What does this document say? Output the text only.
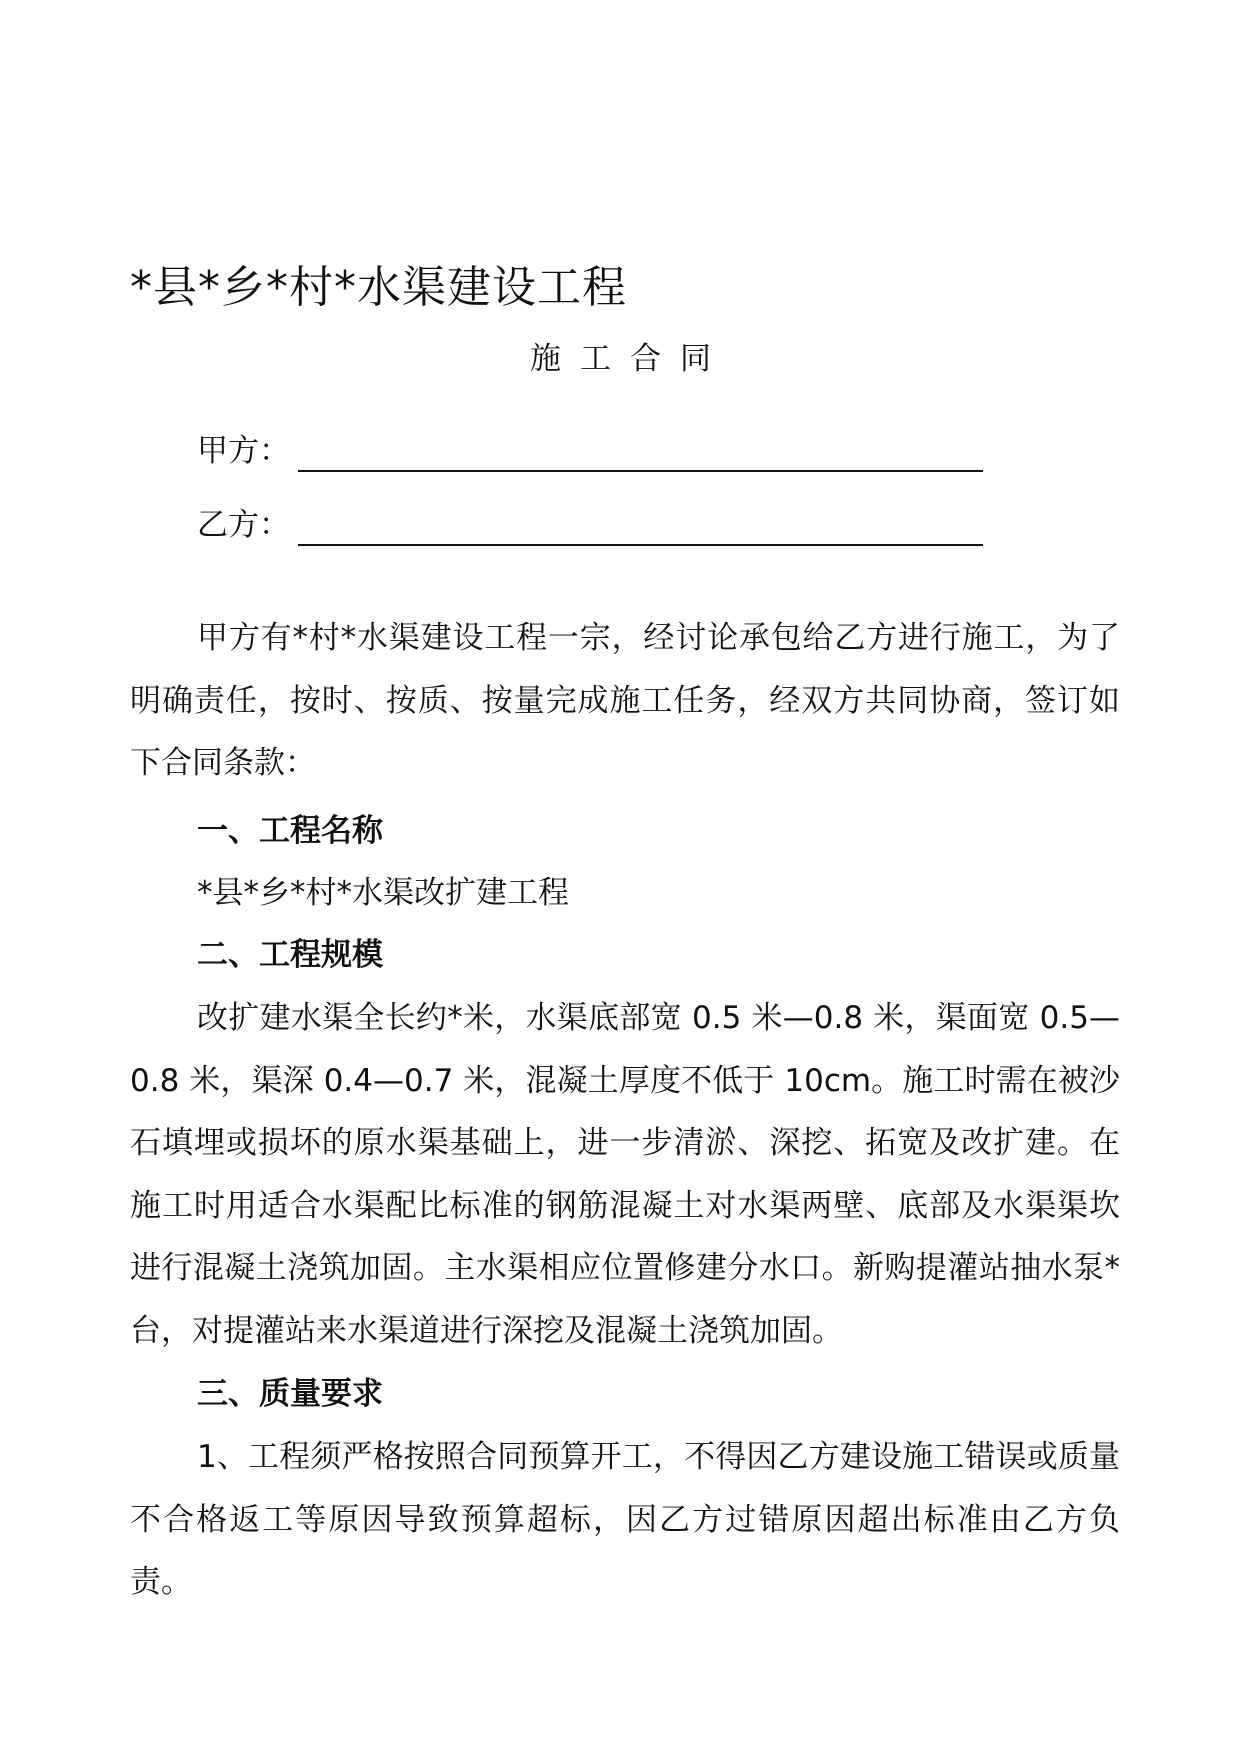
*县*乡*村*水渠建设工程
施工合同
甲方：
乙方：
甲方有*村*水渠建设工程一宗，经讨论承包给乙方进行施工，为了明确责任，按时、按质、按量完成施工任务，经双方共同协商，签订如下合同条款：
一、工程名称
*县*乡*村*水渠改扩建工程
二、工程规模
改扩建水渠全长约*米，水渠底部宽 0.5 米—0.8 米，渠面宽 0.5—0.8 米，渠深 0.4—0.7 米，混凝土厚度不低于 10cm。施工时需在被沙石填埋或损坏的原水渠基础上，进一步清淤、深挖、拓宽及改扩建。在施工时用适合水渠配比标准的钢筋混凝土对水渠两壁、底部及水渠渠坎进行混凝土浇筑加固。主水渠相应位置修建分水口。新购提灌站抽水泵*台，对提灌站来水渠道进行深挖及混凝土浇筑加固。
三、质量要求
1、工程须严格按照合同预算开工，不得因乙方建设施工错误或质量不合格返工等原因导致预算超标，因乙方过错原因超出标准由乙方负责。
